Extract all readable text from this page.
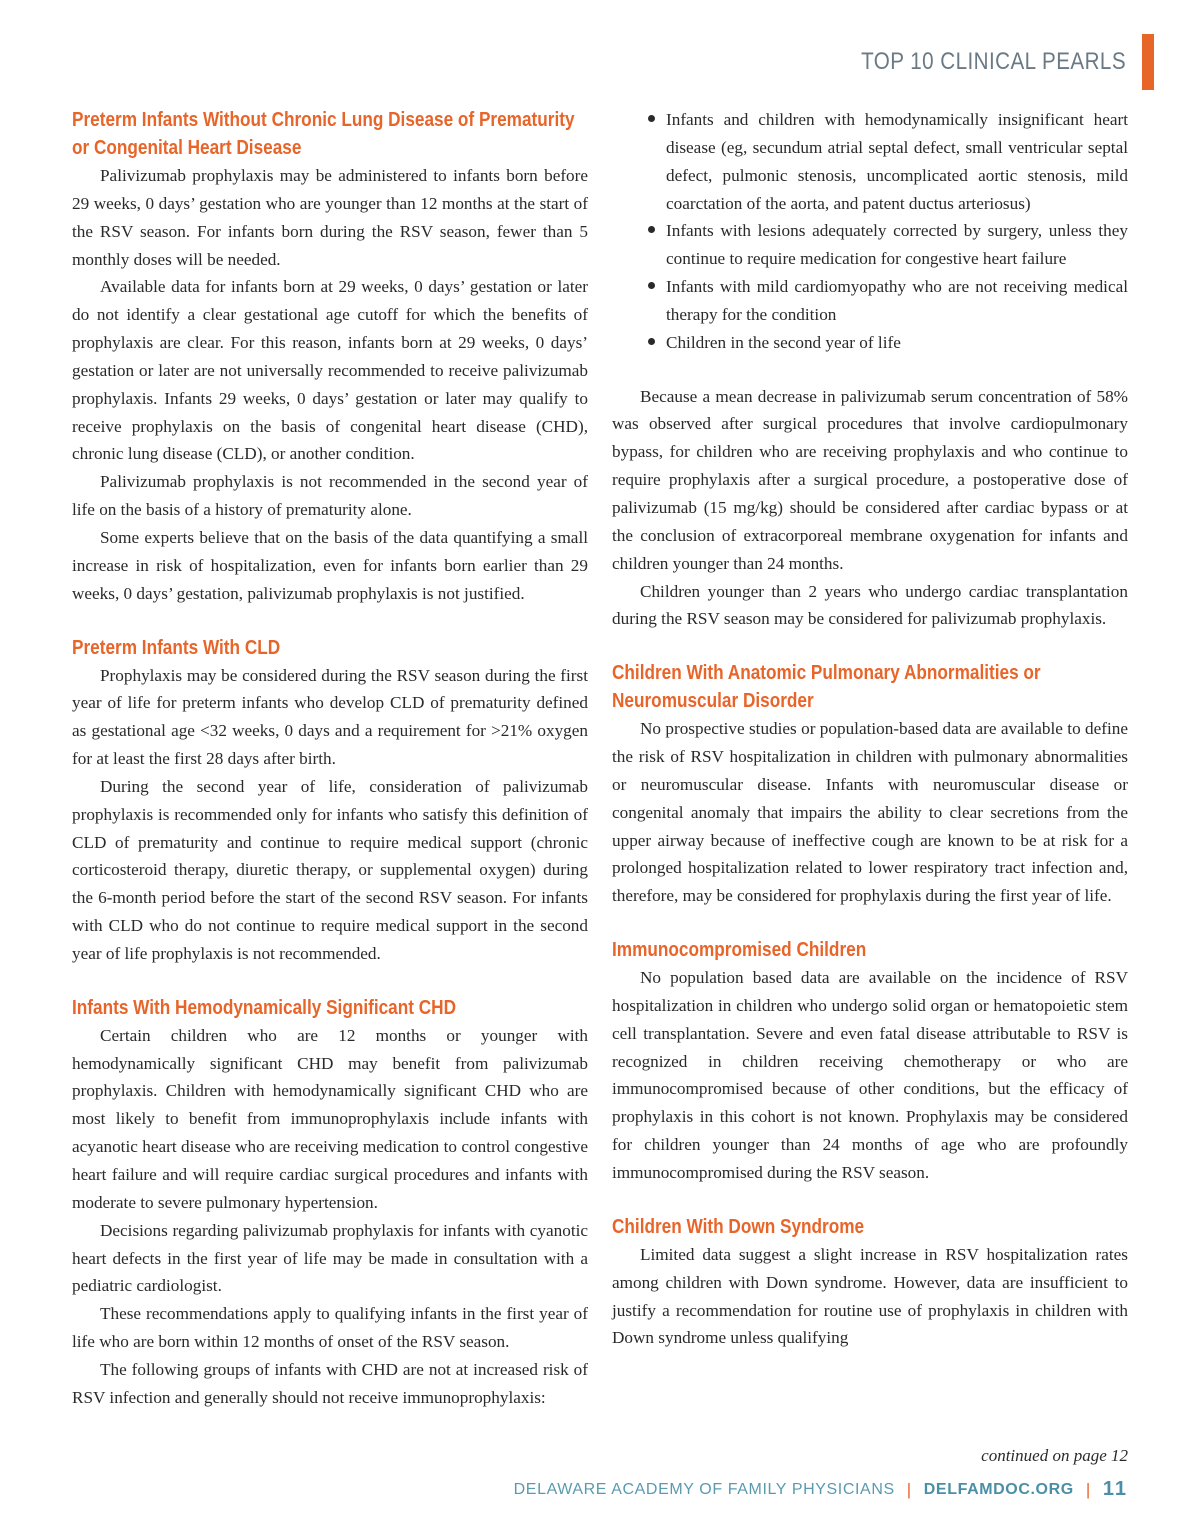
TOP 10 CLINICAL PEARLS
Preterm Infants Without Chronic Lung Disease of Prematurity or Congenital Heart Disease

Palivizumab prophylaxis may be administered to infants born before 29 weeks, 0 days’ gestation who are younger than 12 months at the start of the RSV season. For infants born during the RSV season, fewer than 5 monthly doses will be needed.

Available data for infants born at 29 weeks, 0 days’ gestation or later do not identify a clear gestational age cutoff for which the benefits of prophylaxis are clear. For this reason, infants born at 29 weeks, 0 days’ gestation or later are not universally recommended to receive palivizumab prophylaxis. Infants 29 weeks, 0 days’ gestation or later may qualify to receive prophylaxis on the basis of congenital heart disease (CHD), chronic lung disease (CLD), or another condition.

Palivizumab prophylaxis is not recommended in the second year of life on the basis of a history of prematurity alone.

Some experts believe that on the basis of the data quantifying a small increase in risk of hospitalization, even for infants born earlier than 29 weeks, 0 days’ gestation, palivizumab prophylaxis is not justified.

Preterm Infants With CLD

Prophylaxis may be considered during the RSV season during the first year of life for preterm infants who develop CLD of prematurity defined as gestational age <32 weeks, 0 days and a requirement for >21% oxygen for at least the first 28 days after birth.

During the second year of life, consideration of palivizumab prophylaxis is recommended only for infants who satisfy this definition of CLD of prematurity and continue to require medical support (chronic corticosteroid therapy, diuretic therapy, or supplemental oxygen) during the 6-month period before the start of the second RSV season. For infants with CLD who do not continue to require medical support in the second year of life prophylaxis is not recommended.

Infants With Hemodynamically Significant CHD

Certain children who are 12 months or younger with hemodynamically significant CHD may benefit from palivizumab prophylaxis. Children with hemodynamically significant CHD who are most likely to benefit from immunoprophylaxis include infants with acyanotic heart disease who are receiving medication to control congestive heart failure and will require cardiac surgical procedures and infants with moderate to severe pulmonary hypertension.

Decisions regarding palivizumab prophylaxis for infants with cyanotic heart defects in the first year of life may be made in consultation with a pediatric cardiologist.

These recommendations apply to qualifying infants in the first year of life who are born within 12 months of onset of the RSV season.

The following groups of infants with CHD are not at increased risk of RSV infection and generally should not receive immunoprophylaxis:

Infants and children with hemodynamically insignificant heart disease (eg, secundum atrial septal defect, small ventricular septal defect, pulmonic stenosis, uncomplicated aortic stenosis, mild coarctation of the aorta, and patent ductus arteriosus)
Infants with lesions adequately corrected by surgery, unless they continue to require medication for congestive heart failure
Infants with mild cardiomyopathy who are not receiving medical therapy for the condition
Children in the second year of life

Because a mean decrease in palivizumab serum concentration of 58% was observed after surgical procedures that involve cardiopulmonary bypass, for children who are receiving prophylaxis and who continue to require prophylaxis after a surgical procedure, a postoperative dose of palivizumab (15 mg/kg) should be considered after cardiac bypass or at the conclusion of extracorporeal membrane oxygenation for infants and children younger than 24 months.

Children younger than 2 years who undergo cardiac transplantation during the RSV season may be considered for palivizumab prophylaxis.

Children With Anatomic Pulmonary Abnormalities or Neuromuscular Disorder

No prospective studies or population-based data are available to define the risk of RSV hospitalization in children with pulmonary abnormalities or neuromuscular disease. Infants with neuromuscular disease or congenital anomaly that impairs the ability to clear secretions from the upper airway because of ineffective cough are known to be at risk for a prolonged hospitalization related to lower respiratory tract infection and, therefore, may be considered for prophylaxis during the first year of life.

Immunocompromised Children

No population based data are available on the incidence of RSV hospitalization in children who undergo solid organ or hematopoietic stem cell transplantation. Severe and even fatal disease attributable to RSV is recognized in children receiving chemotherapy or who are immunocompromised because of other conditions, but the efficacy of prophylaxis in this cohort is not known. Prophylaxis may be considered for children younger than 24 months of age who are profoundly immunocompromised during the RSV season.

Children With Down Syndrome

Limited data suggest a slight increase in RSV hospitalization rates among children with Down syndrome. However, data are insufficient to justify a recommendation for routine use of prophylaxis in children with Down syndrome unless qualifying

continued on page 12
DELAWARE ACADEMY OF FAMILY PHYSICIANS | DELFAMDOC.ORG | 11
